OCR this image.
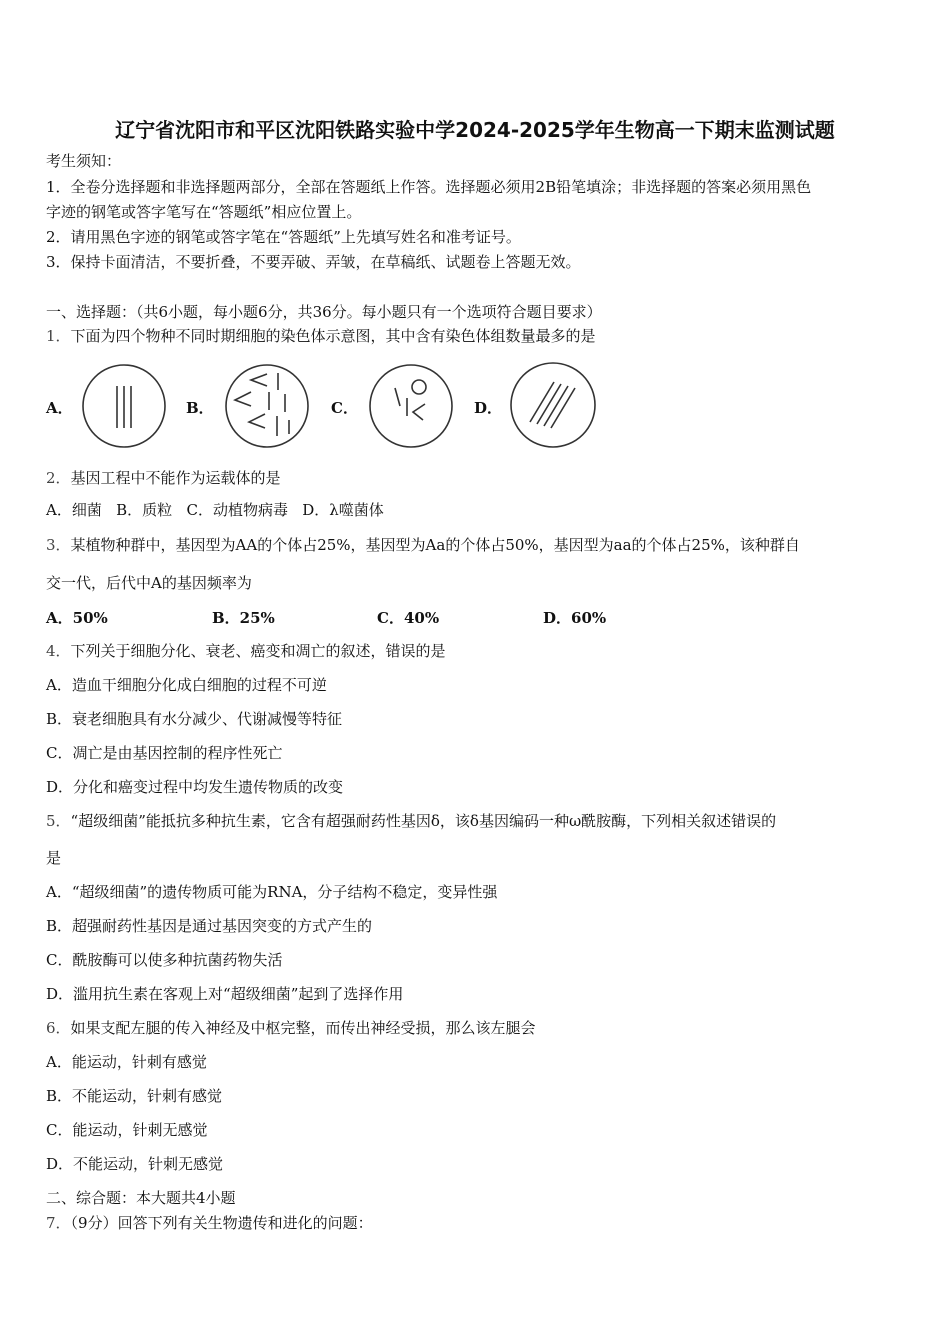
辽宁省沈阳市和平区沈阳铁路实验中学2024-2025学年生物高一下期末监测试题
考生须知：
1．全卷分选择题和非选择题两部分，全部在答题纸上作答。选择题必须用2B铅笔填涂；非选择题的答案必须用黑色
字迹的钢笔或答字笔写在“答题纸”相应位置上。
2．请用黑色字迹的钢笔或答字笔在“答题纸”上先填写姓名和准考证号。
3．保持卡面清洁，不要折叠，不要弄破、弄皱，在草稿纸、试题卷上答题无效。
一、选择题：（共6小题，每小题6分，共36分。每小题只有一个选项符合题目要求）
1．下面为四个物种不同时期细胞的染色体示意图，其中含有染色体组数量最多的是
A．	B．	C．	D．
2．基因工程中不能作为运载体的是
A．细菌   B．质粒   C．动植物病毒   D．λ噬菌体
3．某植物种群中，基因型为AA的个体占25%，基因型为Aa的个体占50%，基因型为aa的个体占25%，该种群自
交一代，后代中A的基因频率为
A．50%	B．25%	C．40%	D．60%
4．下列关于细胞分化、衰老、癌变和凋亡的叙述，错误的是
A．造血干细胞分化成白细胞的过程不可逆
B．衰老细胞具有水分减少、代谢减慢等特征
C．凋亡是由基因控制的程序性死亡
D．分化和癌变过程中均发生遗传物质的改变
5．“超级细菌”能抵抗多种抗生素，它含有超强耐药性基因δ，该δ基因编码一种ω酰胺酶，下列相关叙述错误的
是
A．“超级细菌”的遗传物质可能为RNA，分子结构不稳定，变异性强
B．超强耐药性基因是通过基因突变的方式产生的
C．酰胺酶可以使多种抗菌药物失活
D．滥用抗生素在客观上对“超级细菌”起到了选择作用
6．如果支配左腿的传入神经及中枢完整，而传出神经受损，那么该左腿会
A．能运动，针刺有感觉
B．不能运动，针刺有感觉
C．能运动，针刺无感觉
D．不能运动，针刺无感觉
二、综合题：本大题共4小题
7．（9分）回答下列有关生物遗传和进化的问题：
